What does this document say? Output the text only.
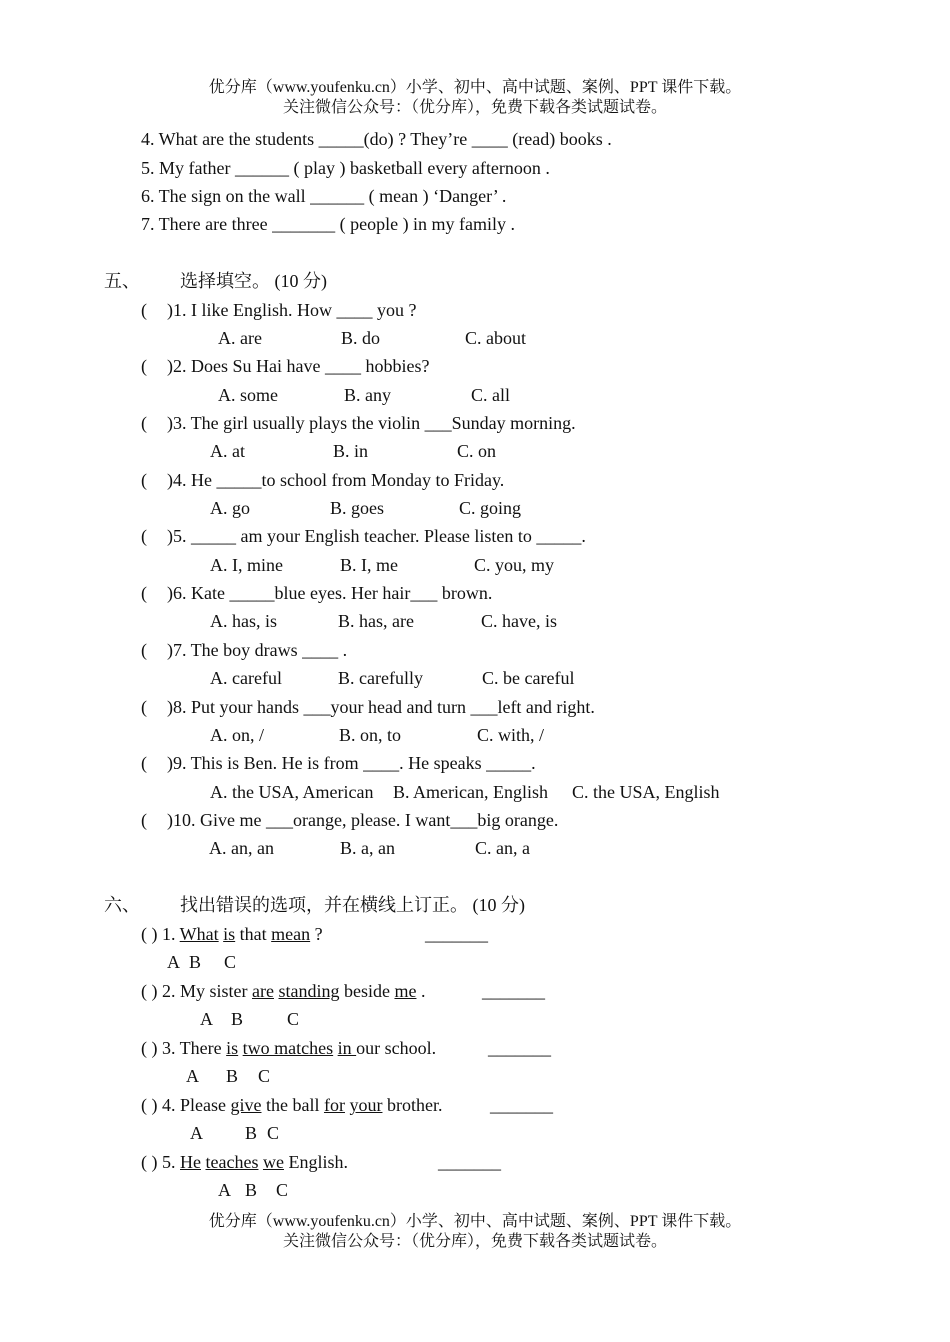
优分库（www.youfenku.cn）小学、初中、高中试题、案例、PPT 课件下载。
关注微信公众号：（优分库），免费下载各类试题试卷。
4. What are the students _____(do) ? They’re ____ (read) books .
5. My father ______ ( play ) basketball every afternoon .
6. The sign on the wall ______ ( mean ) ‘Danger’ .
7. There are three _______ ( people ) in my family .
五、 选择填空。 (10 分)
( )1. I like English. How ____ you ?
A. are	B. do	C. about
( )2. Does Su Hai have ____ hobbies?
A. some	B. any	C. all
( )3. The girl usually plays the violin ___Sunday morning.
A. at	B. in	C. on
( )4. He _____to school from Monday to Friday.
A. go	B. goes	C. going
( )5. _____ am your English teacher. Please listen to _____.
A. I, mine	B. I, me	C. you, my
( )6. Kate _____blue eyes. Her hair___ brown.
A. has, is	B. has, are	C. have, is
( )7. The boy draws ____ .
A. careful	B. carefully	C. be careful
( )8. Put your hands ___your head and turn ___left and right.
A. on, /	B. on, to	C. with, /
( )9. This is Ben. He is from ____. He speaks _____.
A. the USA, American B. American, English C. the USA, English
( )10. Give me ___orange, please. I want___big orange.
A. an, an	B. a, an	C. an, a
六、 找出错误的选项，并在横线上订正。 (10 分)
( ) 1. What is that mean ?	_______
A B C
( ) 2. My sister are standing beside me .	_______
A B C
( ) 3. There is two matches in our school.	_______
A B C
( ) 4. Please give the ball for your brother.	_______
A B C
( ) 5. He teaches we English.	_______
A B C
优分库（www.youfenku.cn）小学、初中、高中试题、案例、PPT 课件下载。
关注微信公众号：（优分库），免费下载各类试题试卷。
